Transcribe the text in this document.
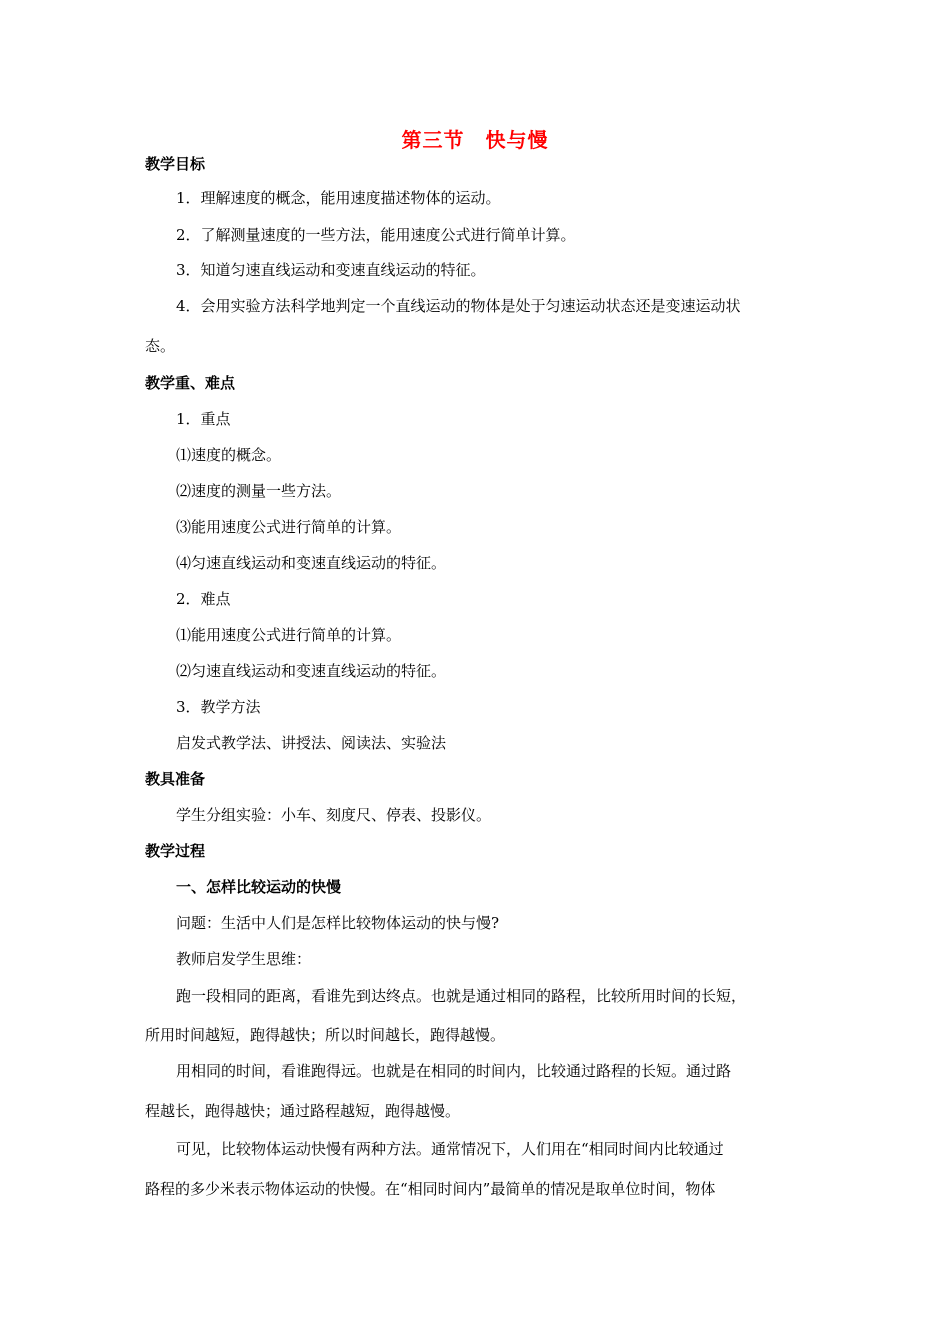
第三节　快与慢
教学目标
1．理解速度的概念，能用速度描述物体的运动。
2．了解测量速度的一些方法，能用速度公式进行简单计算。
3．知道匀速直线运动和变速直线运动的特征。
4．会用实验方法科学地判定一个直线运动的物体是处于匀速运动状态还是变速运动状
态。
教学重、难点
1．重点
⑴速度的概念。
⑵速度的测量一些方法。
⑶能用速度公式进行简单的计算。
⑷匀速直线运动和变速直线运动的特征。
2．难点
⑴能用速度公式进行简单的计算。
⑵匀速直线运动和变速直线运动的特征。
3．教学方法
启发式教学法、讲授法、阅读法、实验法
教具准备
学生分组实验：小车、刻度尺、停表、投影仪。
教学过程
一、怎样比较运动的快慢
问题：生活中人们是怎样比较物体运动的快与慢?
教师启发学生思维：
跑一段相同的距离，看谁先到达终点。也就是通过相同的路程，比较所用时间的长短，
所用时间越短，跑得越快；所以时间越长，跑得越慢。
用相同的时间，看谁跑得远。也就是在相同的时间内，比较通过路程的长短。通过路
程越长，跑得越快；通过路程越短，跑得越慢。
可见，比较物体运动快慢有两种方法。通常情况下，人们用在“相同时间内比较通过
路程的多少米表示物体运动的快慢。在“相同时间内”最简单的情况是取单位时间，物体
